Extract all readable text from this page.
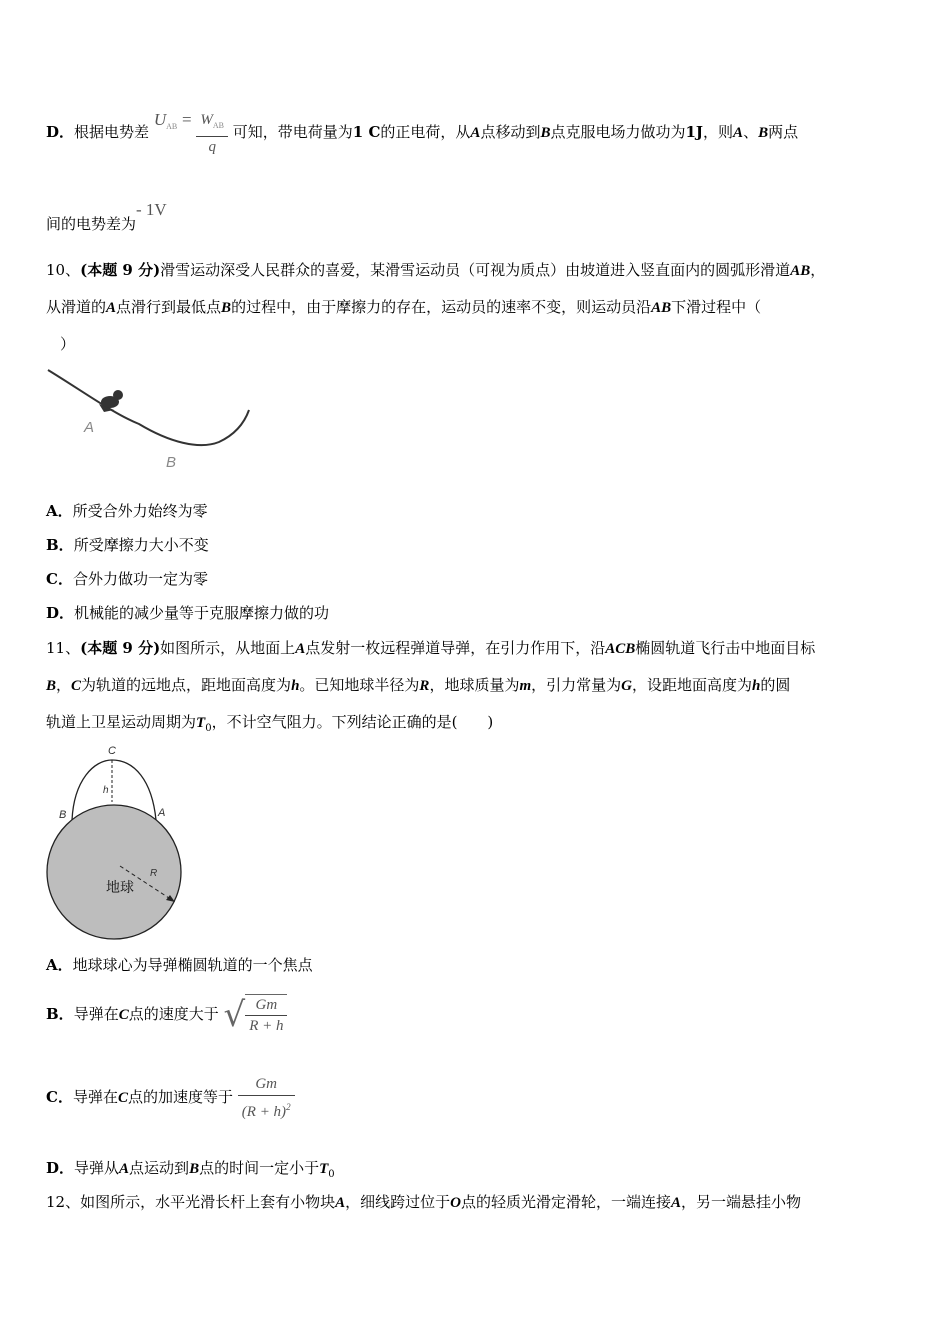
D．根据电势差 $U_{AB} = \frac{W_{AB}}{q}$ 可知，带电荷量为1 C的正电荷，从A点移动到B点克服电场力做功为1J，则A、B两点
间的电势差为- 1V
10、(本题 9 分)滑雪运动深受人民群众的喜爱，某滑雪运动员（可视为质点）由坡道进入竖直面内的圆弧形滑道AB，
从滑道的A点滑行到最低点B的过程中，由于摩擦力的存在，运动员的速率不变，则运动员沿AB下滑过程中（
）
A
B
A．所受合外力始终为零
B．所受摩擦力大小不变
C．合外力做功一定为零
D．机械能的减少量等于克服摩擦力做的功
11、(本题 9 分)如图所示，从地面上A点发射一枚远程弹道导弹，在引力作用下，沿ACB椭圆轨道飞行击中地面目标
B，C为轨道的远地点，距地面高度为h。已知地球半径为R，地球质量为m，引力常量为G，设距地面高度为h的圆
轨道上卫星运动周期为$T_0$，不计空气阻力。下列结论正确的是( )
C
h
B	A
R
地球
A．地球球心为导弹椭圆轨道的一个焦点
B．导弹在C点的速度大于 √ $\frac{Gm}{R + h}$
C．导弹在C点的加速度等于 $\frac{Gm}{(R + h)^2}$
D．导弹从A点运动到B点的时间一定小于$T_0$
12、如图所示，水平光滑长杆上套有小物块A，细线跨过位于O点的轻质光滑定滑轮，一端连接A，另一端悬挂小物
